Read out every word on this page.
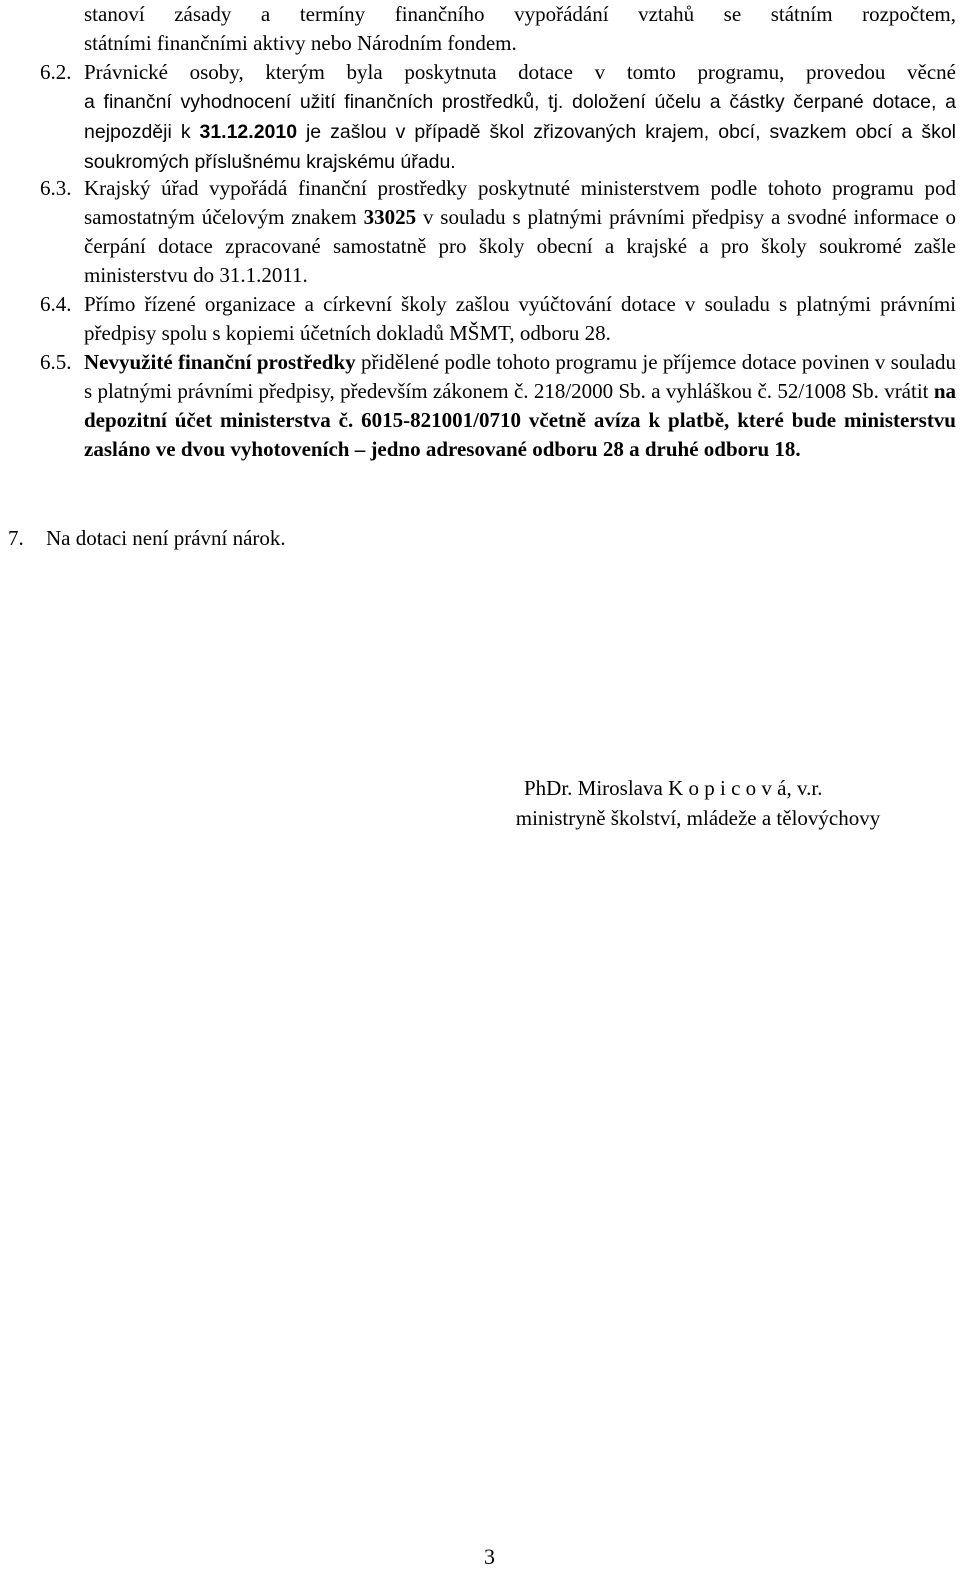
stanoví zásady a termíny finančního vypořádání vztahů se státním rozpočtem,
státními finančními aktivy nebo Národním fondem.
6.2. Právnické osoby, kterým byla poskytnuta dotace v tomto programu, provedou věcné
a finanční vyhodnocení užití finančních prostředků, tj. doložení účelu a částky čerpané dotace, a nejpozději k 31.12.2010 je zašlou v případě škol zřizovaných krajem, obcí, svazkem obcí a škol soukromých příslušnému krajskému úřadu.
6.3. Krajský úřad vypořádá finanční prostředky poskytnuté ministerstvem podle tohoto programu pod samostatným účelovým znakem 33025 v souladu s platnými právními předpisy a svodné informace o čerpání dotace zpracované samostatně pro školy obecní a krajské a pro školy soukromé zašle ministerstvu do 31.1.2011.
6.4. Přímo řízené organizace a církevní školy zašlou vyúčtování dotace v souladu s platnými právními předpisy spolu s kopiemi účetních dokladů MŠMT, odboru 28.
6.5. Nevyužité finanční prostředky přidělené podle tohoto programu je příjemce dotace povinen v souladu s platnými právními předpisy, především zákonem č. 218/2000 Sb. a vyhláškou č. 52/1008 Sb. vrátit na depozitní účet ministerstva č. 6015-821001/0710 včetně avíza k platbě, které bude ministerstvu zasláno ve dvou vyhotoveních – jedno adresované odboru 28 a druhé odboru 18.
7. Na dotaci není právní nárok.
PhDr. Miroslava K o p i c o v á, v.r.
ministryně školství, mládeže a tělovýchovy
3
